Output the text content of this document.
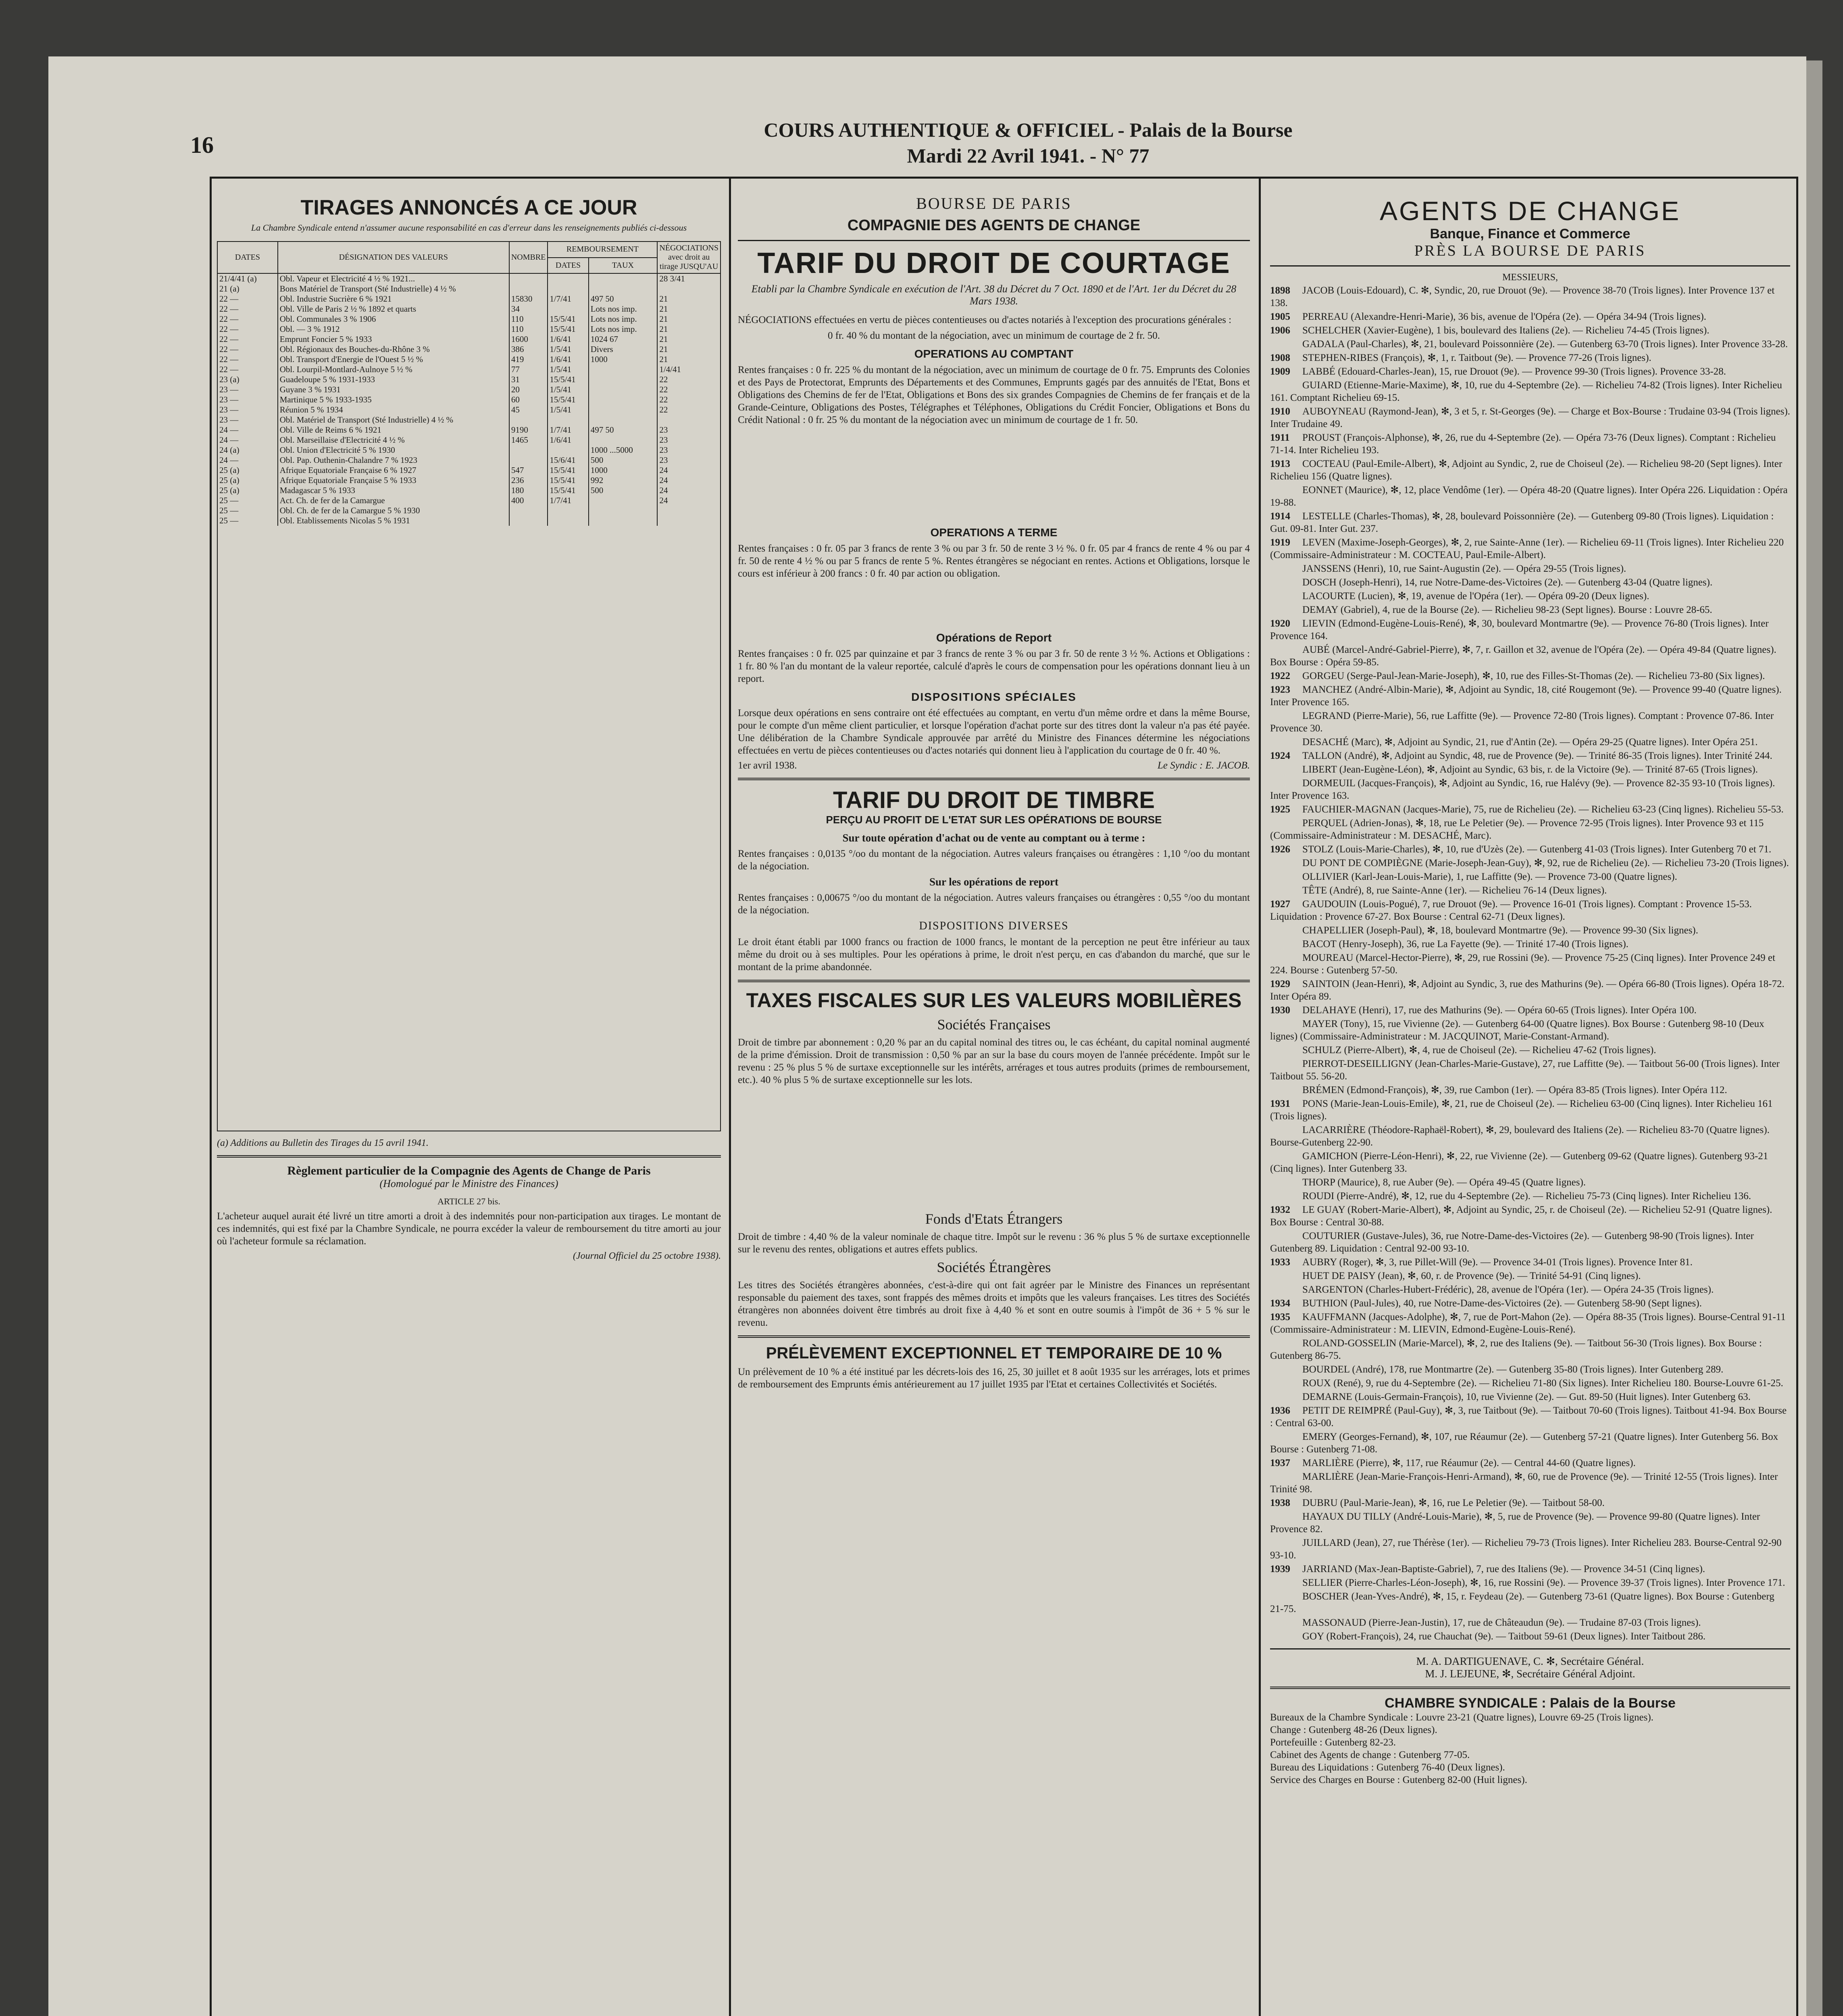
16
COURS AUTHENTIQUE & OFFICIEL - Palais de la Bourse
Mardi 22 Avril 1941. - N° 77
TIRAGES ANNONCÉS A CE JOUR
La Chambre Syndicale entend n'assumer aucune responsabilité en cas d'erreur dans les renseignements publiés ci-dessous
DATES	DÉSIGNATION DES VALEURS	NOMBRE	REMBOURSEMENT		NÉGOCIATIONS avec droit au tirage JUSQU'AU
			DATES	TAUX	
21/4/41 (a)	Obl. Vapeur et Electricité 4 ½ % 1921...				28 3/41
21 (a)	Bons Matériel de Transport (Sté Industrielle) 4 ½ %				
22 —	Obl. Industrie Sucrière 6 % 1921	15830	1/7/41	497 50	21
22 —	Obl. Ville de Paris 2 ½ % 1892 et quarts	34		Lots nos imp.	21
22 —	Obl. Communales 3 % 1906	110	15/5/41	Lots nos imp.	21
22 —	Obl. — 3 % 1912	110	15/5/41	Lots nos imp.	21
22 —	Emprunt Foncier 5 % 1933	1600	1/6/41	1024 67	21
22 —	Obl. Régionaux des Bouches-du-Rhône 3 %	386	1/5/41	Divers	21
22 —	Obl. Transport d'Energie de l'Ouest 5 ½ %	419	1/6/41	1000	21
22 —	Obl. Lourpil-Montlard-Aulnoye 5 ½ %	77	1/5/41		1/4/41
23 (a)	Guadeloupe 5 % 1931-1933	31	15/5/41		22
23 —	Guyane 3 % 1931	20	1/5/41		22
23 —	Martinique 5 % 1933-1935	60	15/5/41		22
23 —	Réunion 5 % 1934	45	1/5/41		22
23 —	Obl. Matériel de Transport (Sté Industrielle) 4 ½ %				
24 —	Obl. Ville de Reims 6 % 1921	9190	1/7/41	497 50	23
24 —	Obl. Marseillaise d'Electricité 4 ½ %	1465	1/6/41		23
24 (a)	Obl. Union d'Electricité 5 % 1930			1000 ...5000	23
24 —	Obl. Pap. Outhenin-Chalandre 7 % 1923		15/6/41	500	23
25 (a)	Afrique Equatoriale Française 6 % 1927	547	15/5/41	1000	24
25 (a)	Afrique Equatoriale Française 5 % 1933	236	15/5/41	992	24
25 (a)	Madagascar 5 % 1933	180	15/5/41	500	24
25 —	Act. Ch. de fer de la Camargue	400	1/7/41		24
25 —	Obl. Ch. de fer de la Camargue 5 % 1930				
25 —	Obl. Etablissements Nicolas 5 % 1931				
(a) Additions au Bulletin des Tirages du 15 avril 1941.
Règlement particulier de la Compagnie des Agents de Change de Paris
(Homologué par le Ministre des Finances)
ARTICLE 27 bis.
L'acheteur auquel aurait été livré un titre amorti a droit à des indemnités pour non-participation aux tirages. Le montant de ces indemnités, qui est fixé par la Chambre Syndicale, ne pourra excéder la valeur de remboursement du titre amorti au jour où l'acheteur formule sa réclamation.
(Journal Officiel du 25 octobre 1938).
BOURSE DE PARIS
COMPAGNIE DES AGENTS DE CHANGE
TARIF DU DROIT DE COURTAGE
Etabli par la Chambre Syndicale en exécution de l'Art. 38 du Décret du 7 Oct. 1890 et de l'Art. 1er du Décret du 28 Mars 1938.
NÉGOCIATIONS effectuées en vertu de pièces contentieuses ou d'actes notariés à l'exception des procurations générales :
0 fr. 40 % du montant de la négociation, avec un minimum de courtage de 2 fr. 50.
OPERATIONS AU COMPTANT
Rentes françaises : 0 fr. 225 % du montant de la négociation, avec un minimum de courtage de 0 fr. 75. Emprunts des Colonies et des Pays de Protectorat, Emprunts des Départements et des Communes, Emprunts gagés par des annuités de l'Etat, Bons et Obligations des Chemins de fer de l'Etat, Obligations et Bons des six grandes Compagnies de Chemins de fer français et de la Grande-Ceinture, Obligations des Postes, Télégraphes et Téléphones, Obligations du Crédit Foncier, Obligations et Bons du Crédit National : 0 fr. 25 % du montant de la négociation avec un minimum de courtage de 1 fr. 50.
OPERATIONS A TERME
Rentes françaises : 0 fr. 05 par 3 francs de rente 3 % ou par 3 fr. 50 de rente 3 ½ %. 0 fr. 05 par 4 francs de rente 4 % ou par 4 fr. 50 de rente 4 ½ % ou par 5 francs de rente 5 %. Rentes étrangères se négociant en rentes. Actions et Obligations, lorsque le cours est inférieur à 200 francs : 0 fr. 40 par action ou obligation.
Opérations de Report
Rentes françaises : 0 fr. 025 par quinzaine et par 3 francs de rente 3 % ou par 3 fr. 50 de rente 3 ½ %. Actions et Obligations : 1 fr. 80 % l'an du montant de la valeur reportée, calculé d'après le cours de compensation pour les opérations donnant lieu à un report.
DISPOSITIONS SPÉCIALES
Lorsque deux opérations en sens contraire ont été effectuées au comptant, en vertu d'un même ordre et dans la même Bourse, pour le compte d'un même client particulier, et lorsque l'opération d'achat porte sur des titres dont la valeur n'a pas été payée. Une délibération de la Chambre Syndicale approuvée par arrêté du Ministre des Finances détermine les négociations effectuées en vertu de pièces contentieuses ou d'actes notariés qui donnent lieu à l'application du courtage de 0 fr. 40 %.
1er avril 1938.	Le Syndic : E. JACOB.
TARIF DU DROIT DE TIMBRE
PERÇU AU PROFIT DE L'ETAT SUR LES OPÉRATIONS DE BOURSE
Sur toute opération d'achat ou de vente au comptant ou à terme :
Rentes françaises : 0,0135 °/oo du montant de la négociation. Autres valeurs françaises ou étrangères : 1,10 °/oo du montant de la négociation.
Sur les opérations de report
Rentes françaises : 0,00675 °/oo du montant de la négociation. Autres valeurs françaises ou étrangères : 0,55 °/oo du montant de la négociation.
DISPOSITIONS DIVERSES
Le droit étant établi par 1000 francs ou fraction de 1000 francs, le montant de la perception ne peut être inférieur au taux même du droit ou à ses multiples. Pour les opérations à prime, le droit n'est perçu, en cas d'abandon du marché, que sur le montant de la prime abandonnée.
TAXES FISCALES SUR LES VALEURS MOBILIÈRES
Sociétés Françaises
Droit de timbre par abonnement : 0,20 % par an du capital nominal des titres ou, le cas échéant, du capital nominal augmenté de la prime d'émission. Droit de transmission : 0,50 % par an sur la base du cours moyen de l'année précédente. Impôt sur le revenu : 25 % plus 5 % de surtaxe exceptionnelle sur les intérêts, arrérages et tous autres produits (primes de remboursement, etc.). 40 % plus 5 % de surtaxe exceptionnelle sur les lots.
Fonds d'Etats Étrangers
Droit de timbre : 4,40 % de la valeur nominale de chaque titre. Impôt sur le revenu : 36 % plus 5 % de surtaxe exceptionnelle sur le revenu des rentes, obligations et autres effets publics.
Sociétés Étrangères
Les titres des Sociétés étrangères abonnées, c'est-à-dire qui ont fait agréer par le Ministre des Finances un représentant responsable du paiement des taxes, sont frappés des mêmes droits et impôts que les valeurs françaises. Les titres des Sociétés étrangères non abonnées doivent être timbrés au droit fixe à 4,40 % et sont en outre soumis à l'impôt de 36 + 5 % sur le revenu.
PRÉLÈVEMENT EXCEPTIONNEL ET TEMPORAIRE DE 10 %
Un prélèvement de 10 % a été institué par les décrets-lois des 16, 25, 30 juillet et 8 août 1935 sur les arrérages, lots et primes de remboursement des Emprunts émis antérieurement au 17 juillet 1935 par l'Etat et certaines Collectivités et Sociétés.
AGENTS DE CHANGE
Banque, Finance et Commerce
PRÈS LA BOURSE DE PARIS
MESSIEURS,
1898 JACOB (Louis-Edouard), C. ✻, Syndic, 20, rue Drouot (9e). — Provence 38-70 (Trois lignes). Inter Provence 137 et 138.
1905 PERREAU (Alexandre-Henri-Marie), 36 bis, avenue de l'Opéra (2e). — Opéra 34-94 (Trois lignes).
1906 SCHELCHER (Xavier-Eugène), 1 bis, boulevard des Italiens (2e). — Richelieu 74-45 (Trois lignes).
GADALA (Paul-Charles), ✻, 21, boulevard Poissonnière (2e). — Gutenberg 63-70 (Trois lignes). Inter Provence 33-28.
1908 STEPHEN-RIBES (François), ✻, 1, r. Taitbout (9e). — Provence 77-26 (Trois lignes).
1909 LABBÉ (Edouard-Charles-Jean), 15, rue Drouot (9e). — Provence 99-30 (Trois lignes). Provence 33-28.
GUIARD (Etienne-Marie-Maxime), ✻, 10, rue du 4-Septembre (2e). — Richelieu 74-82 (Trois lignes). Inter Richelieu 161. Comptant Richelieu 69-15.
1910 AUBOYNEAU (Raymond-Jean), ✻, 3 et 5, r. St-Georges (9e). — Charge et Box-Bourse : Trudaine 03-94 (Trois lignes). Inter Trudaine 49.
1911 PROUST (François-Alphonse), ✻, 26, rue du 4-Septembre (2e). — Opéra 73-76 (Deux lignes). Comptant : Richelieu 71-14. Inter Richelieu 193.
1913 COCTEAU (Paul-Emile-Albert), ✻, Adjoint au Syndic, 2, rue de Choiseul (2e). — Richelieu 98-20 (Sept lignes). Inter Richelieu 156 (Quatre lignes).
EONNET (Maurice), ✻, 12, place Vendôme (1er). — Opéra 48-20 (Quatre lignes). Inter Opéra 226. Liquidation : Opéra 19-88.
1914 LESTELLE (Charles-Thomas), ✻, 28, boulevard Poissonnière (2e). — Gutenberg 09-80 (Trois lignes). Liquidation : Gut. 09-81. Inter Gut. 237.
1919 LEVEN (Maxime-Joseph-Georges), ✻, 2, rue Sainte-Anne (1er). — Richelieu 69-11 (Trois lignes). Inter Richelieu 220 (Commissaire-Administrateur : M. COCTEAU, Paul-Emile-Albert).
JANSSENS (Henri), 10, rue Saint-Augustin (2e). — Opéra 29-55 (Trois lignes).
DOSCH (Joseph-Henri), 14, rue Notre-Dame-des-Victoires (2e). — Gutenberg 43-04 (Quatre lignes).
LACOURTE (Lucien), ✻, 19, avenue de l'Opéra (1er). — Opéra 09-20 (Deux lignes).
DEMAY (Gabriel), 4, rue de la Bourse (2e). — Richelieu 98-23 (Sept lignes). Bourse : Louvre 28-65.
1920 LIEVIN (Edmond-Eugène-Louis-René), ✻, 30, boulevard Montmartre (9e). — Provence 76-80 (Trois lignes). Inter Provence 164.
AUBÉ (Marcel-André-Gabriel-Pierre), ✻, 7, r. Gaillon et 32, avenue de l'Opéra (2e). — Opéra 49-84 (Quatre lignes). Box Bourse : Opéra 59-85.
1922 GORGEU (Serge-Paul-Jean-Marie-Joseph), ✻, 10, rue des Filles-St-Thomas (2e). — Richelieu 73-80 (Six lignes).
1923 MANCHEZ (André-Albin-Marie), ✻, Adjoint au Syndic, 18, cité Rougemont (9e). — Provence 99-40 (Quatre lignes). Inter Provence 165.
LEGRAND (Pierre-Marie), 56, rue Laffitte (9e). — Provence 72-80 (Trois lignes). Comptant : Provence 07-86. Inter Provence 30.
DESACHÉ (Marc), ✻, Adjoint au Syndic, 21, rue d'Antin (2e). — Opéra 29-25 (Quatre lignes). Inter Opéra 251.
1924 TALLON (André), ✻, Adjoint au Syndic, 48, rue de Provence (9e). — Trinité 86-35 (Trois lignes). Inter Trinité 244.
LIBERT (Jean-Eugène-Léon), ✻, Adjoint au Syndic, 63 bis, r. de la Victoire (9e). — Trinité 87-65 (Trois lignes).
DORMEUIL (Jacques-François), ✻, Adjoint au Syndic, 16, rue Halévy (9e). — Provence 82-35 93-10 (Trois lignes). Inter Provence 163.
1925 FAUCHIER-MAGNAN (Jacques-Marie), 75, rue de Richelieu (2e). — Richelieu 63-23 (Cinq lignes). Richelieu 55-53.
PERQUEL (Adrien-Jonas), ✻, 18, rue Le Peletier (9e). — Provence 72-95 (Trois lignes). Inter Provence 93 et 115 (Commissaire-Administrateur : M. DESACHÉ, Marc).
1926 STOLZ (Louis-Marie-Charles), ✻, 10, rue d'Uzès (2e). — Gutenberg 41-03 (Trois lignes). Inter Gutenberg 70 et 71.
DU PONT DE COMPIÈGNE (Marie-Joseph-Jean-Guy), ✻, 92, rue de Richelieu (2e). — Richelieu 73-20 (Trois lignes).
OLLIVIER (Karl-Jean-Louis-Marie), 1, rue Laffitte (9e). — Provence 73-00 (Quatre lignes).
TÊTE (André), 8, rue Sainte-Anne (1er). — Richelieu 76-14 (Deux lignes).
1927 GAUDOUIN (Louis-Pogué), 7, rue Drouot (9e). — Provence 16-01 (Trois lignes). Comptant : Provence 15-53. Liquidation : Provence 67-27. Box Bourse : Central 62-71 (Deux lignes).
CHAPELLIER (Joseph-Paul), ✻, 18, boulevard Montmartre (9e). — Provence 99-30 (Six lignes).
BACOT (Henry-Joseph), 36, rue La Fayette (9e). — Trinité 17-40 (Trois lignes).
MOUREAU (Marcel-Hector-Pierre), ✻, 29, rue Rossini (9e). — Provence 75-25 (Cinq lignes). Inter Provence 249 et 224. Bourse : Gutenberg 57-50.
1929 SAINTOIN (Jean-Henri), ✻, Adjoint au Syndic, 3, rue des Mathurins (9e). — Opéra 66-80 (Trois lignes). Opéra 18-72. Inter Opéra 89.
1930 DELAHAYE (Henri), 17, rue des Mathurins (9e). — Opéra 60-65 (Trois lignes). Inter Opéra 100.
MAYER (Tony), 15, rue Vivienne (2e). — Gutenberg 64-00 (Quatre lignes). Box Bourse : Gutenberg 98-10 (Deux lignes) (Commissaire-Administrateur : M. JACQUINOT, Marie-Constant-Armand).
SCHULZ (Pierre-Albert), ✻, 4, rue de Choiseul (2e). — Richelieu 47-62 (Trois lignes).
PIERROT-DESEILLIGNY (Jean-Charles-Marie-Gustave), 27, rue Laffitte (9e). — Taitbout 56-00 (Trois lignes). Inter Taitbout 55. 56-20.
BRÉMEN (Edmond-François), ✻, 39, rue Cambon (1er). — Opéra 83-85 (Trois lignes). Inter Opéra 112.
1931 PONS (Marie-Jean-Louis-Emile), ✻, 21, rue de Choiseul (2e). — Richelieu 63-00 (Cinq lignes). Inter Richelieu 161 (Trois lignes).
LACARRIÈRE (Théodore-Raphaël-Robert), ✻, 29, boulevard des Italiens (2e). — Richelieu 83-70 (Quatre lignes). Bourse-Gutenberg 22-90.
GAMICHON (Pierre-Léon-Henri), ✻, 22, rue Vivienne (2e). — Gutenberg 09-62 (Quatre lignes). Gutenberg 93-21 (Cinq lignes). Inter Gutenberg 33.
THORP (Maurice), 8, rue Auber (9e). — Opéra 49-45 (Quatre lignes).
ROUDI (Pierre-André), ✻, 12, rue du 4-Septembre (2e). — Richelieu 75-73 (Cinq lignes). Inter Richelieu 136.
1932 LE GUAY (Robert-Marie-Albert), ✻, Adjoint au Syndic, 25, r. de Choiseul (2e). — Richelieu 52-91 (Quatre lignes). Box Bourse : Central 30-88.
COUTURIER (Gustave-Jules), 36, rue Notre-Dame-des-Victoires (2e). — Gutenberg 98-90 (Trois lignes). Inter Gutenberg 89. Liquidation : Central 92-00 93-10.
1933 AUBRY (Roger), ✻, 3, rue Pillet-Will (9e). — Provence 34-01 (Trois lignes). Provence Inter 81.
HUET DE PAISY (Jean), ✻, 60, r. de Provence (9e). — Trinité 54-91 (Cinq lignes).
SARGENTON (Charles-Hubert-Frédéric), 28, avenue de l'Opéra (1er). — Opéra 24-35 (Trois lignes).
1934 BUTHION (Paul-Jules), 40, rue Notre-Dame-des-Victoires (2e). — Gutenberg 58-90 (Sept lignes).
1935 KAUFFMANN (Jacques-Adolphe), ✻, 7, rue de Port-Mahon (2e). — Opéra 88-35 (Trois lignes). Bourse-Central 91-11 (Commissaire-Administrateur : M. LIEVIN, Edmond-Eugène-Louis-René).
ROLAND-GOSSELIN (Marie-Marcel), ✻, 2, rue des Italiens (9e). — Taitbout 56-30 (Trois lignes). Box Bourse : Gutenberg 86-75.
BOURDEL (André), 178, rue Montmartre (2e). — Gutenberg 35-80 (Trois lignes). Inter Gutenberg 289.
ROUX (René), 9, rue du 4-Septembre (2e). — Richelieu 71-80 (Six lignes). Inter Richelieu 180. Bourse-Louvre 61-25.
DEMARNE (Louis-Germain-François), 10, rue Vivienne (2e). — Gut. 89-50 (Huit lignes). Inter Gutenberg 63.
1936 PETIT DE REIMPRÉ (Paul-Guy), ✻, 3, rue Taitbout (9e). — Taitbout 70-60 (Trois lignes). Taitbout 41-94. Box Bourse : Central 63-00.
EMERY (Georges-Fernand), ✻, 107, rue Réaumur (2e). — Gutenberg 57-21 (Quatre lignes). Inter Gutenberg 56. Box Bourse : Gutenberg 71-08.
1937 MARLIÈRE (Pierre), ✻, 117, rue Réaumur (2e). — Central 44-60 (Quatre lignes).
MARLIÈRE (Jean-Marie-François-Henri-Armand), ✻, 60, rue de Provence (9e). — Trinité 12-55 (Trois lignes). Inter Trinité 98.
1938 DUBRU (Paul-Marie-Jean), ✻, 16, rue Le Peletier (9e). — Taitbout 58-00.
HAYAUX DU TILLY (André-Louis-Marie), ✻, 5, rue de Provence (9e). — Provence 99-80 (Quatre lignes). Inter Provence 82.
JUILLARD (Jean), 27, rue Thérèse (1er). — Richelieu 79-73 (Trois lignes). Inter Richelieu 283. Bourse-Central 92-90 93-10.
1939 JARRIAND (Max-Jean-Baptiste-Gabriel), 7, rue des Italiens (9e). — Provence 34-51 (Cinq lignes).
SELLIER (Pierre-Charles-Léon-Joseph), ✻, 16, rue Rossini (9e). — Provence 39-37 (Trois lignes). Inter Provence 171.
BOSCHER (Jean-Yves-André), ✻, 15, r. Feydeau (2e). — Gutenberg 73-61 (Quatre lignes). Box Bourse : Gutenberg 21-75.
MASSONAUD (Pierre-Jean-Justin), 17, rue de Châteaudun (9e). — Trudaine 87-03 (Trois lignes).
GOY (Robert-François), 24, rue Chauchat (9e). — Taitbout 59-61 (Deux lignes). Inter Taitbout 286.
M. A. DARTIGUENAVE, C. ✻, Secrétaire Général.
M. J. LEJEUNE, ✻, Secrétaire Général Adjoint.
CHAMBRE SYNDICALE : Palais de la Bourse
Bureaux de la Chambre Syndicale : Louvre 23-21 (Quatre lignes), Louvre 69-25 (Trois lignes).
Change : Gutenberg 48-26 (Deux lignes).
Portefeuille : Gutenberg 82-23.
Cabinet des Agents de change : Gutenberg 77-05.
Bureau des Liquidations : Gutenberg 76-40 (Deux lignes).
Service des Charges en Bourse : Gutenberg 82-00 (Huit lignes).
